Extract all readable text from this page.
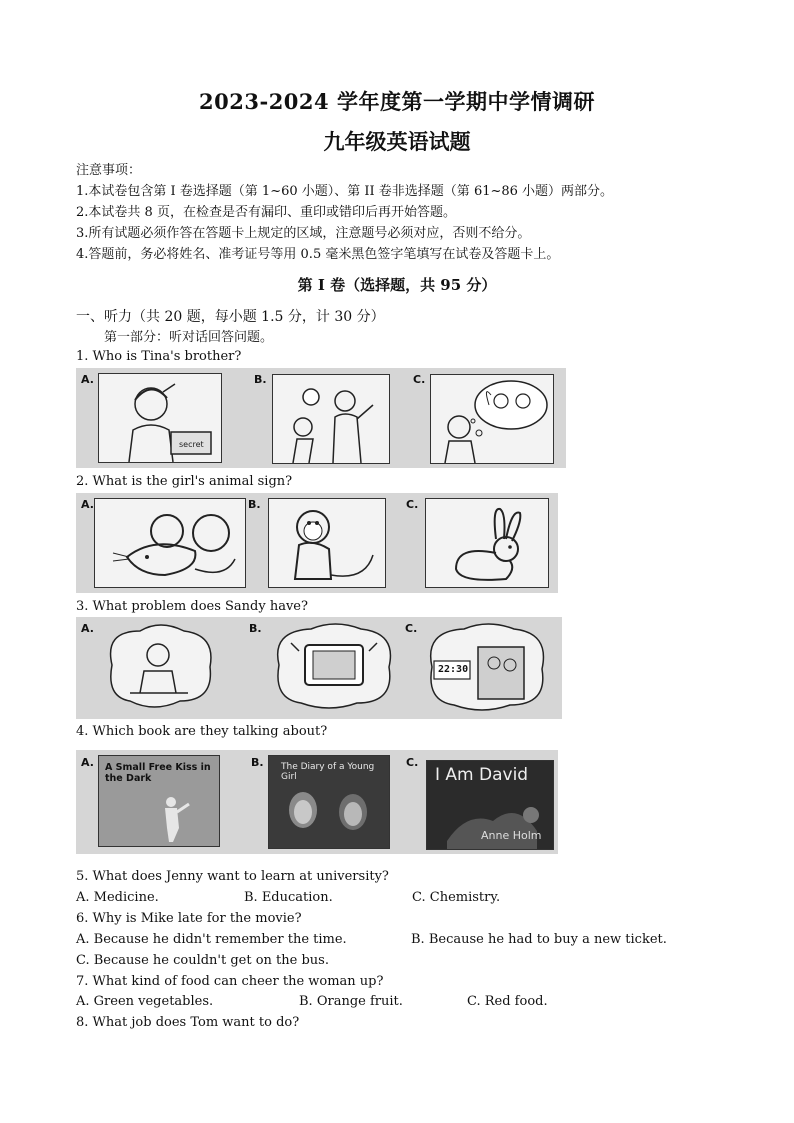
2023-2024 学年度第一学期中学情调研
九年级英语试题
注意事项：
1.本试卷包含第 I 卷选择题（第 1~60 小题）、第 II 卷非选择题（第 61~86 小题）两部分。
2.本试卷共 8 页，在检查是否有漏印、重印或错印后再开始答题。
3.所有试题必须作答在答题卡上规定的区域，注意题号必须对应，否则不给分。
4.答题前，务必将姓名、准考证号等用 0.5 毫米黑色签字笔填写在试卷及答题卡上。
第 I 卷（选择题，共 95 分）
一、听力（共 20 题，每小题 1.5 分，计 30 分）
第一部分：听对话回答问题。
1. Who is Tina's brother?
A.
secret
B.	C.
2. What is the girl's animal sign?
A.	B.	C.
3. What problem does Sandy have?
A.	B.	C.
22:30
4. Which book are they talking about?
A. A Small Free Kiss in the Dark
B. The Diary of a Young Girl
C.
I Am David
Anne Holm
5. What does Jenny want to learn at university?
A. Medicine.	B. Education.	C. Chemistry.
6. Why is Mike late for the movie?
A. Because he didn't remember the time.	B. Because he had to buy a new ticket.
C. Because he couldn't get on the bus.
7. What kind of food can cheer the woman up?
A. Green vegetables.	B. Orange fruit.	C. Red food.
8. What job does Tom want to do?
